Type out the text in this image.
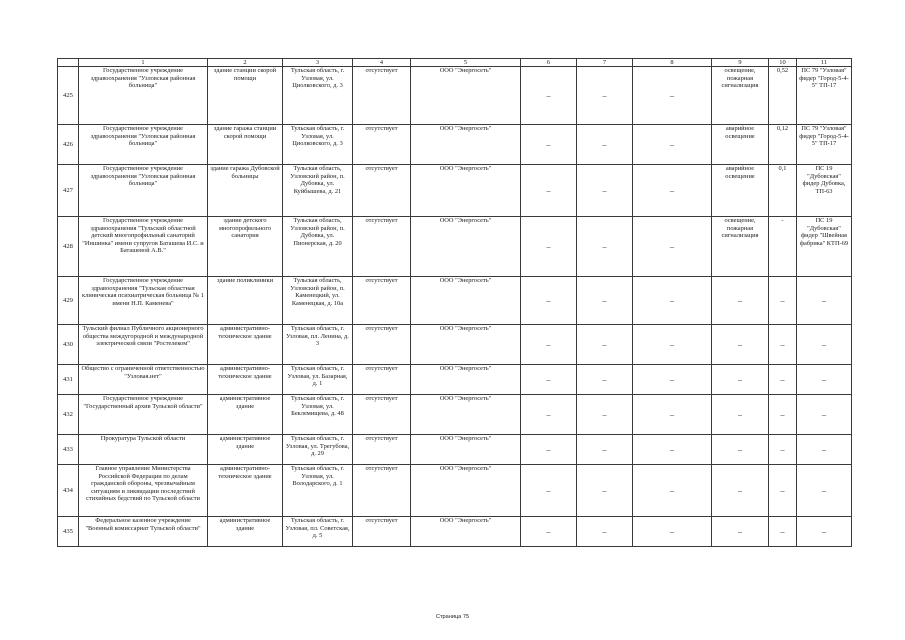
	1	2	3	4	5	6	7	8	9	10	11
425	Государственное учреждение здравоохранения "Узловская районная больница"	здание станции скорой помощи	Тульская область, г. Узловая, ул. Циолковского, д. 3	отсутствует	ООО "Энергосеть"	–	–	–	освещение, пожарная сигнализация	0,52	ПС 79 "Узловая" фидер "Город-5-4-5" ТП-17
426	Государственное учреждение здравоохранения "Узловская районная больница"	здание гаража станции скорой помощи	Тульская область, г. Узловая, ул. Циолковского, д. 3	отсутствует	ООО "Энергосеть"	–	–	–	аварийное освещение	0,12	ПС 79 "Узловая" фидер "Город-5-4-5" ТП-17
427	Государственное учреждение здравоохранения "Узловская районная больница"	здание гаража Дубовской больницы	Тульская область, Узловский район, п. Дубовка, ул. Куйбышева, д. 21	отсутствует	ООО "Энергосеть"	–	–	–	аварийное освещение	0,1	ПС 19 "Дубовская" фидер Дубовка, ТП-63
428	Государственное учреждение здравоохранения "Тульский областной детский многопрофильный санаторий "Иншинка" имени супругов Баташева И.С. и Баташевой А.В."	здание детского многопрофильного санатория	Тульская область, Узловский район, п. Дубовка, ул. Пионерская, д. 20	отсутствует	ООО "Энергосеть"	–	–	–	освещение, пожарная сигнализация	-	ПС 19 "Дубовская" фидер "Швейная фабрика" КТП-69
429	Государственное учреждение здравоохранения "Тульская областная клиническая психиатрическая больница № 1 имени Н.П. Каменева"	здание поликлиники	Тульская область, Узловский район, п. Каменецкий, ул. Каменецкая, д. 10а	отсутствует	ООО "Энергосеть"	–	–	–	–	–	–
430	Тульский филиал Публичного акционерного общества междугородной и международной электрической связи "Ростелеком"	административно-техническое здание	Тульская область, г. Узловая, пл. Ленина, д. 3	отсутствует	ООО "Энергосеть"	–	–	–	–	–	–
431	Общество с ограниченной ответственностью "Узловая.нет"	административно-техническое здание	Тульская область, г. Узловая, ул. Базарная, д. 1	отсутствует	ООО "Энергосеть"	–	–	–	–	–	–
432	Государственное учреждение "Государственный архив Тульской области"	административное здание	Тульская область, г. Узловая, ул. Беклемищева, д. 48	отсутствует	ООО "Энергосеть"	–	–	–	–	–	–
433	Прокуратура Тульской области	административное здание	Тульская область, г. Узловая, ул. Трегубова, д. 29	отсутствует	ООО "Энергосеть"	–	–	–	–	–	–
434	Главное управление Министерства Российской Федерации по делам гражданской обороны, чрезвычайным ситуациям и ликвидации последствий стихийных бедствий по Тульской области	административно-техническое здание	Тульская область, г. Узловая, ул. Володарского, д. 1	отсутствует	ООО "Энергосеть"	–	–	–	–	–	–
435	Федеральное казенное учреждение "Военный комиссариат Тульской области"	административное здание	Тульская область, г. Узловая, пл. Советская, д. 5	отсутствует	ООО "Энергосеть"	–	–	–	–	–	–
Страница 75
